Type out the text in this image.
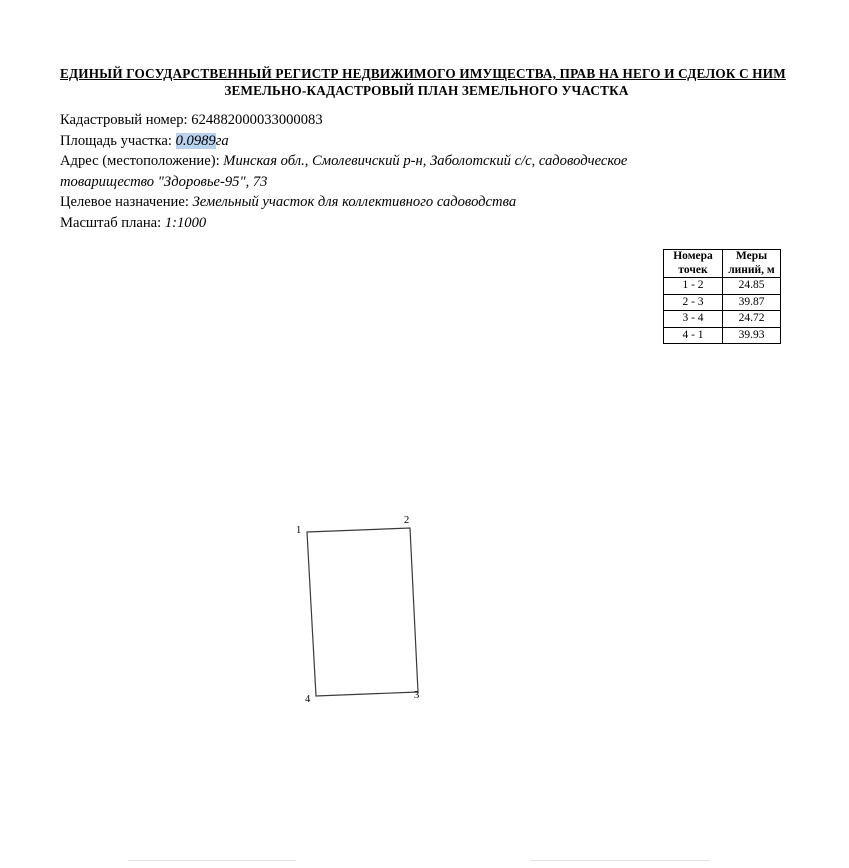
ЕДИНЫЙ ГОСУДАРСТВЕННЫЙ РЕГИСТР НЕДВИЖИМОГО ИМУЩЕСТВА, ПРАВ НА НЕГО И СДЕЛОК С НИМ
ЗЕМЕЛЬНО-КАДАСТРОВЫЙ ПЛАН ЗЕМЕЛЬНОГО УЧАСТКА
Кадастровый номер: 624882000033000083
Площадь участка: 0.0989га
Адрес (местоположение): Минская обл., Смолевичский р-н, Заболотский с/с, садоводческое
товарищество "Здоровье-95", 73
Целевое назначение: Земельный участок для коллективного садоводства
Масштаб плана: 1:1000
Номера
точек	Меры
линий, м

1 - 2	24.85
2 - 3	39.87
3 - 4	24.72
4 - 1	39.93
1
2
3
4
